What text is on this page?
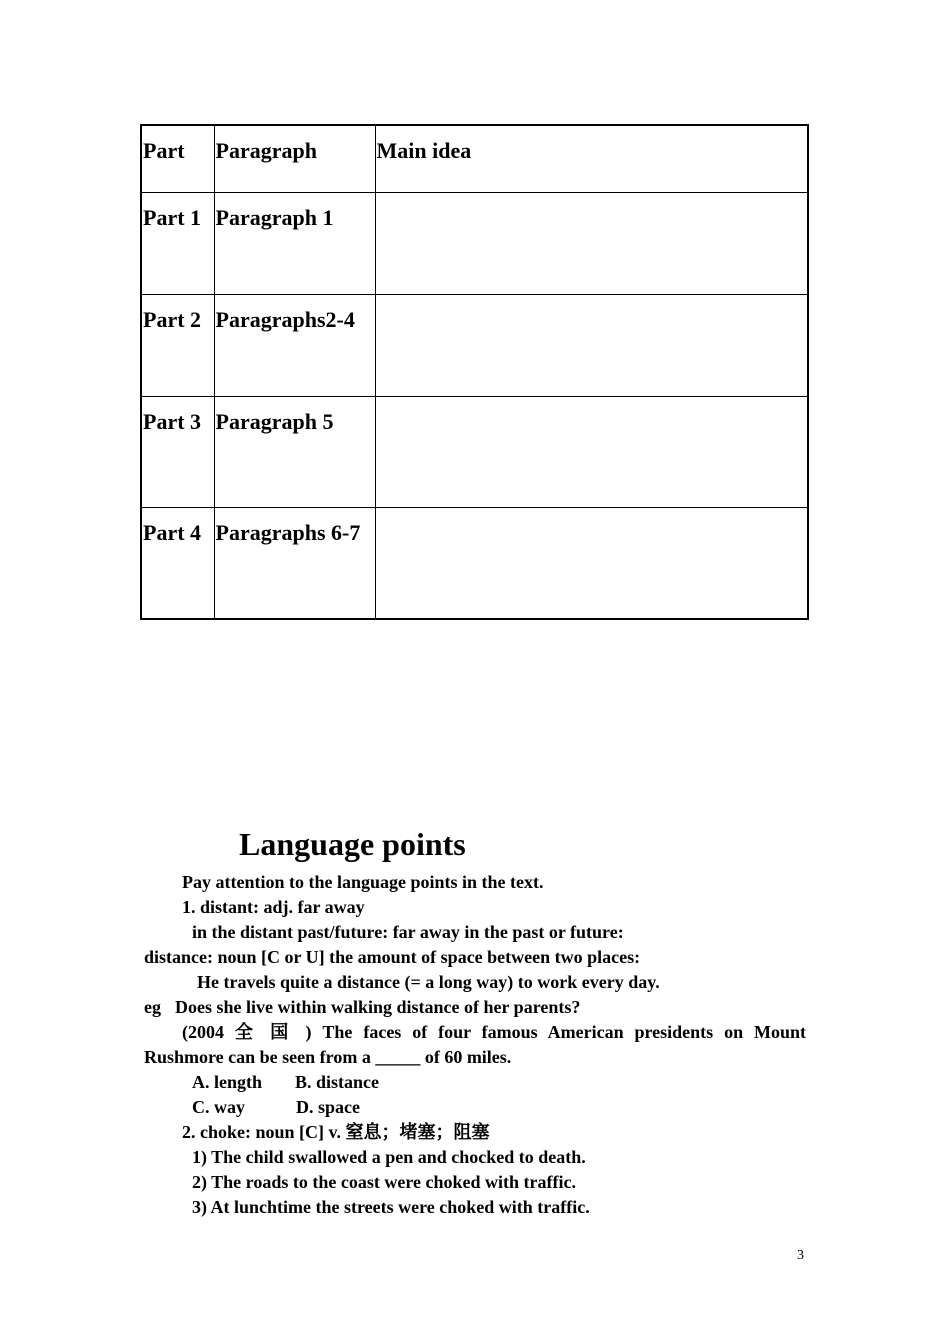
Part	Paragraph	Main idea
Part 1	Paragraph 1	
Part 2	Paragraphs2-4	
Part 3	Paragraph 5	
Part 4	Paragraphs 6-7	
Language points

Pay attention to the language points in the text.

1. distant: adj. far away

in the distant past/future: far away in the past or future:

distance: noun [C or U] the amount of space between two places:

He travels quite a distance (= a long way) to work every day.

eg Does she live within walking distance of her parents?

(2004 全 国 ) The faces of four famous American presidents on Mount

Rushmore can be seen from a _____ of 60 miles.

A. length B. distance

C. way	D. space

2. choke: noun [C] v. 窒息；堵塞；阻塞

1) The child swallowed a pen and chocked to death.

2) The roads to the coast were choked with traffic.

3) At lunchtime the streets were choked with traffic.

3
